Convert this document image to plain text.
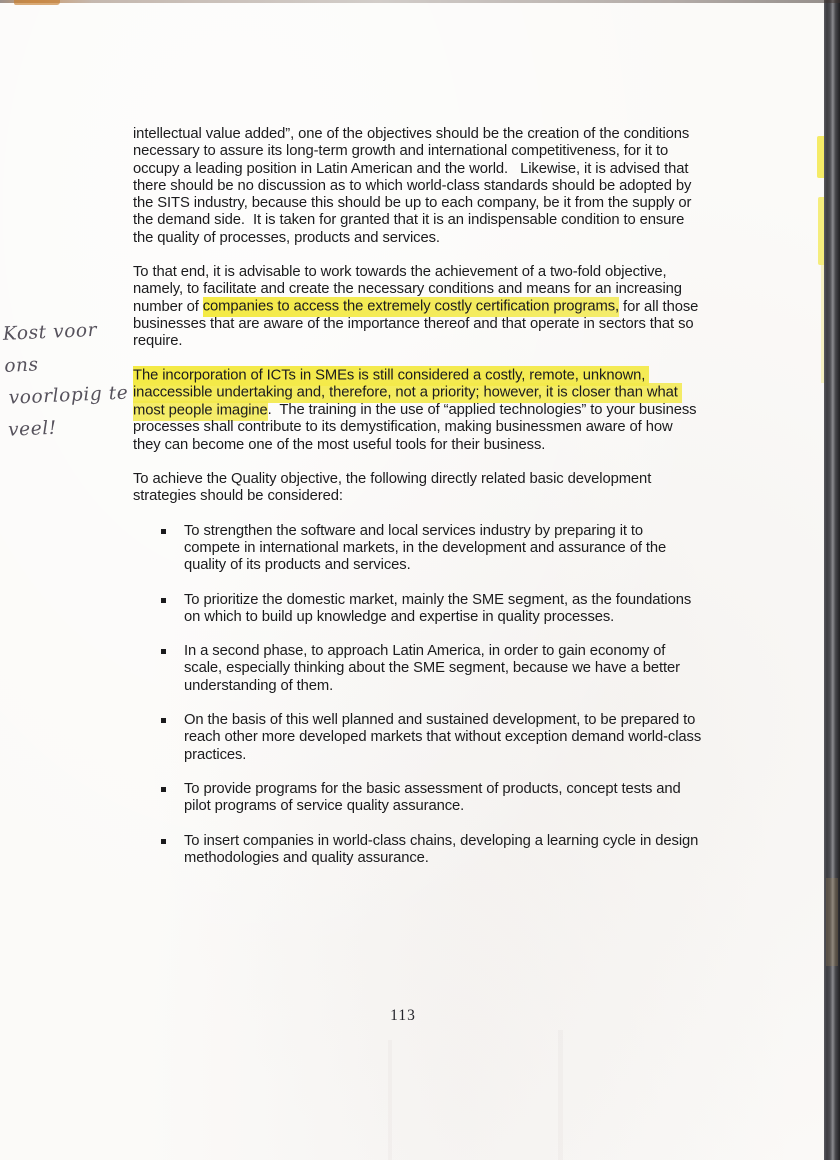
Kost voor ons
voorlopig te
veel!

intellectual value added”, one of the objectives should be the creation of the conditions necessary to assure its long-term growth and international competitiveness, for it to occupy a leading position in Latin American and the world.   Likewise, it is advised that there should be no discussion as to which world-class standards should be adopted by the SITS industry, because this should be up to each company, be it from the supply or the demand side.  It is taken for granted that it is an indispensable condition to ensure the quality of processes, products and services.

To that end, it is advisable to work towards the achievement of a two-fold objective, namely, to facilitate and create the necessary conditions and means for an increasing number of companies to access the extremely costly certification programs, for all those businesses that are aware of the importance thereof and that operate in sectors that so require.

The incorporation of ICTs in SMEs is still considered a costly, remote, unknown, inaccessible undertaking and, therefore, not a priority; however, it is closer than what most people imagine.  The training in the use of “applied technologies” to your business processes shall contribute to its demystification, making businessmen aware of how they can become one of the most useful tools for their business.

To achieve the Quality objective, the following directly related basic development strategies should be considered:

To strengthen the software and local services industry by preparing it to compete in international markets, in the development and assurance of the quality of its products and services.
To prioritize the domestic market, mainly the SME segment, as the foundations on which to build up knowledge and expertise in quality processes.
In a second phase, to approach Latin America, in order to gain economy of scale, especially thinking about the SME segment, because we have a better understanding of them.
On the basis of this well planned and sustained development, to be prepared to reach other more developed markets that without exception demand world-class practices.
To provide programs for the basic assessment of products, concept tests and pilot programs of service quality assurance.
To insert companies in world-class chains, developing a learning cycle in design methodologies and quality assurance.
113
